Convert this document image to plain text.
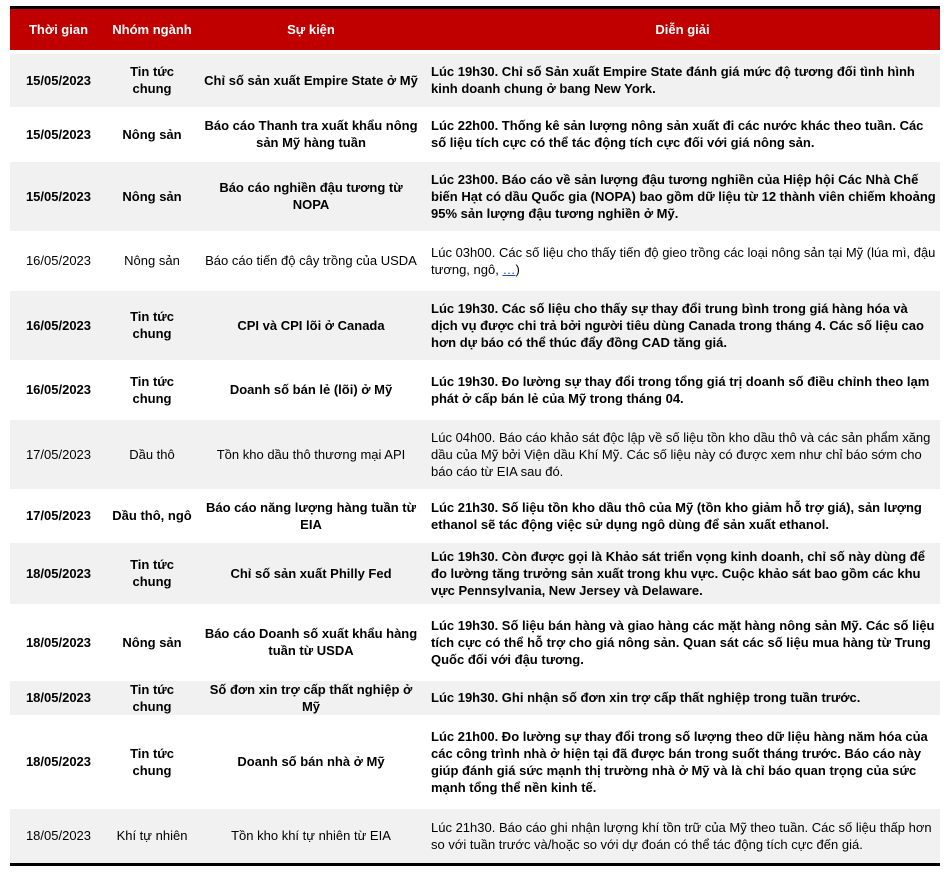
Thời gian	Nhóm ngành	Sự kiện	Diễn giải
15/05/2023	Tin tức chung	Chỉ số sản xuất Empire State ở Mỹ	Lúc 19h30. Chỉ số Sản xuất Empire State đánh giá mức độ tương đối tình hình kinh doanh chung ở bang New York.
15/05/2023	Nông sản	Báo cáo Thanh tra xuất khẩu nông sản Mỹ hàng tuần	Lúc 22h00. Thống kê sản lượng nông sản xuất đi các nước khác theo tuần. Các số liệu tích cực có thể tác động tích cực đối với giá nông sản.
15/05/2023	Nông sản	Báo cáo nghiền đậu tương từ NOPA	Lúc 23h00. Báo cáo về sản lượng đậu tương nghiền của Hiệp hội Các Nhà Chế biến Hạt có dầu Quốc gia (NOPA) bao gồm dữ liệu từ 12 thành viên chiếm khoảng 95% sản lượng đậu tương nghiền ở Mỹ.
16/05/2023	Nông sản	Báo cáo tiến độ cây trồng của USDA	Lúc 03h00. Các số liệu cho thấy tiến độ gieo trồng các loại nông sản tại Mỹ (lúa mì, đậu tương, ngô, …)
16/05/2023	Tin tức chung	CPI và CPI lõi ở Canada	Lúc 19h30. Các số liệu cho thấy sự thay đổi trung bình trong giá hàng hóa và dịch vụ được chi trả bởi người tiêu dùng Canada trong tháng 4. Các số liệu cao hơn dự báo có thể thúc đẩy đồng CAD tăng giá.
16/05/2023	Tin tức chung	Doanh số bán lẻ (lõi) ở Mỹ	Lúc 19h30. Đo lường sự thay đổi trong tổng giá trị doanh số điều chỉnh theo lạm phát ở cấp bán lẻ của Mỹ trong tháng 04.
17/05/2023	Dầu thô	Tồn kho dầu thô thương mại API	Lúc 04h00. Báo cáo khảo sát độc lập về số liệu tồn kho dầu thô và các sản phẩm xăng dầu của Mỹ bởi Viện dầu Khí Mỹ. Các số liệu này có được xem như chỉ báo sớm cho báo cáo từ EIA sau đó.
17/05/2023	Dầu thô, ngô	Báo cáo năng lượng hàng tuần từ EIA	Lúc 21h30. Số liệu tồn kho dầu thô của Mỹ (tồn kho giảm hỗ trợ giá), sản lượng ethanol sẽ tác động việc sử dụng ngô dùng để sản xuất ethanol.
18/05/2023	Tin tức chung	Chỉ số sản xuất Philly Fed	Lúc 19h30. Còn được gọi là Khảo sát triển vọng kinh doanh, chỉ số này dùng để đo lường tăng trưởng sản xuất trong khu vực. Cuộc khảo sát bao gồm các khu vực Pennsylvania, New Jersey và Delaware.
18/05/2023	Nông sản	Báo cáo Doanh số xuất khẩu hàng tuần từ USDA	Lúc 19h30. Số liệu bán hàng và giao hàng các mặt hàng nông sản Mỹ. Các số liệu tích cực có thể hỗ trợ cho giá nông sản. Quan sát các số liệu mua hàng từ Trung Quốc đối với đậu tương.
18/05/2023	Tin tức chung	Số đơn xin trợ cấp thất nghiệp ở Mỹ	Lúc 19h30. Ghi nhận số đơn xin trợ cấp thất nghiệp trong tuần trước.
18/05/2023	Tin tức chung	Doanh số bán nhà ở Mỹ	Lúc 21h00. Đo lường sự thay đổi trong số lượng theo dữ liệu hàng năm hóa của các công trình nhà ở hiện tại đã được bán trong suốt tháng trước. Báo cáo này giúp đánh giá sức mạnh thị trường nhà ở Mỹ và là chỉ báo quan trọng của sức mạnh tổng thể nền kinh tế.
18/05/2023	Khí tự nhiên	Tồn kho khí tự nhiên từ EIA	Lúc 21h30. Báo cáo ghi nhận lượng khí tồn trữ của Mỹ theo tuần. Các số liệu thấp hơn so với tuần trước và/hoặc so với dự đoán có thể tác động tích cực đến giá.
